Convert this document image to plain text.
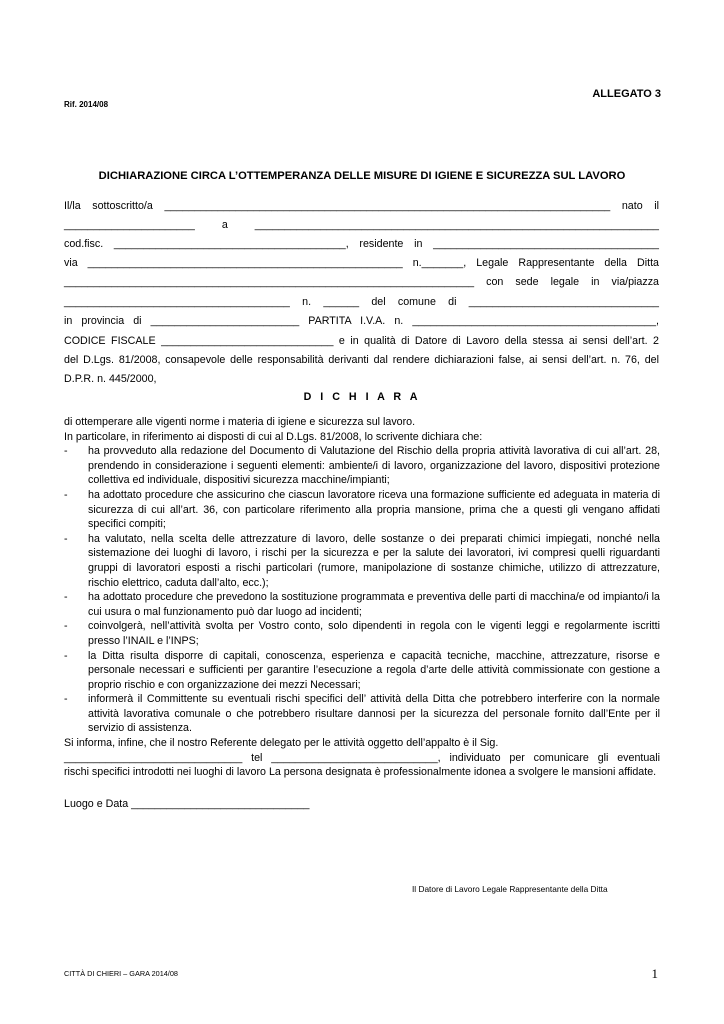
ALLEGATO 3
Rif. 2014/08
DICHIARAZIONE CIRCA L’OTTEMPERANZA DELLE MISURE DI IGIENE E SICUREZZA SUL LAVORO
Il/la sottoscritto/a ___________________________________________________________________________ nato il
______________________ a ____________________________________________________________________
cod.fisc. _______________________________________, residente in ______________________________________
via _____________________________________________________ n._______, Legale Rappresentante della Ditta
_____________________________________________________________________ con sede legale in via/piazza
______________________________________ n. ______ del comune di ________________________________
in provincia di _________________________ PARTITA I.V.A. n. _________________________________________,
CODICE FISCALE _____________________________ e in qualità di Datore di Lavoro della stessa ai sensi dell’art. 2
del D.Lgs. 81/2008, consapevole delle responsabilità derivanti dal rendere dichiarazioni false, ai sensi dell’art. n. 76, del
D.P.R. n. 445/2000,
D I C H I A R A

di ottemperare alle vigenti norme i materia di igiene e sicurezza sul lavoro.

In particolare, in riferimento ai disposti di cui al D.Lgs. 81/2008, lo scrivente dichiara che:

-	ha provveduto alla redazione del Documento di Valutazione del Rischio della propria attività lavorativa di cui all’art. 28, prendendo in considerazione i seguenti elementi: ambiente/i di lavoro, organizzazione del lavoro, dispositivi protezione collettiva ed individuale, dispositivi sicurezza macchine/impianti;
-	ha adottato procedure che assicurino che ciascun lavoratore riceva una formazione sufficiente ed adeguata in materia di sicurezza di cui all’art. 36, con particolare riferimento alla propria mansione, prima che a questi gli vengano affidati specifici compiti;
-	ha valutato, nella scelta delle attrezzature di lavoro, delle sostanze o dei preparati chimici impiegati, nonché nella sistemazione dei luoghi di lavoro, i rischi per la sicurezza e per la salute dei lavoratori, ivi compresi quelli riguardanti gruppi di lavoratori esposti a rischi particolari (rumore, manipolazione di sostanze chimiche, utilizzo di attrezzature, rischio elettrico, caduta dall’alto, ecc.);
-	ha adottato procedure che prevedono la sostituzione programmata e preventiva delle parti di macchina/e od impianto/i la cui usura o mal funzionamento può dar luogo ad incidenti;
-	coinvolgerà, nell’attività svolta per Vostro conto, solo dipendenti in regola con le vigenti leggi e regolarmente iscritti presso l’INAIL e l’INPS;
-	la Ditta risulta disporre di capitali, conoscenza, esperienza e capacità tecniche, macchine, attrezzature, risorse e personale necessari e sufficienti per garantire l’esecuzione a regola d’arte delle attività commissionate con gestione a proprio rischio e con organizzazione dei mezzi Necessari;
-	informerà il Committente su eventuali rischi specifici dell’ attività della Ditta che potrebbero interferire con la normale attività lavorativa comunale o che potrebbero risultare dannosi per la sicurezza del personale fornito dall’Ente per il servizio di assistenza.

Si informa, infine, che il nostro Referente delegato per le attività oggetto dell’appalto è il Sig.

______________________________ tel ____________________________, individuato per comunicare gli eventuali

rischi specifici introdotti nei luoghi di lavoro La persona designata è professionalmente idonea a svolgere le mansioni affidate.

Luogo e Data ______________________________

Il Datore di Lavoro Legale Rappresentante della Ditta
CITTÀ DI CHIERI – GARA 2014/08	1
